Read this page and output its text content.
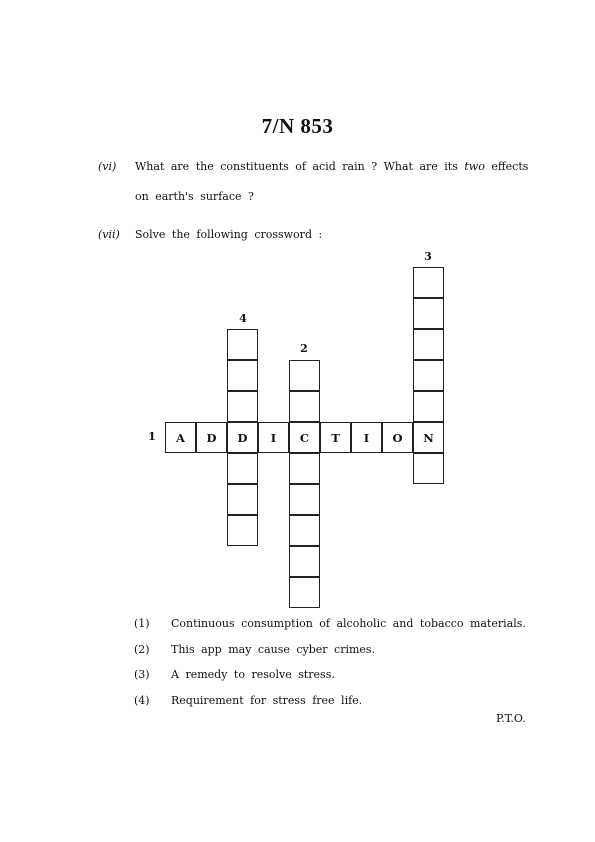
7/N 853
(vi) What are the constituents of acid rain ? What are its two effects
on earth's surface ?
(vii) Solve the following crossword :
1
2
3
4
A	D	D	I	C	T	I	O	N
(1) Continuous consumption of alcoholic and tobacco materials.
(2) This app may cause cyber crimes.
(3) A remedy to resolve stress.
(4) Requirement for stress free life.
P.T.O.
